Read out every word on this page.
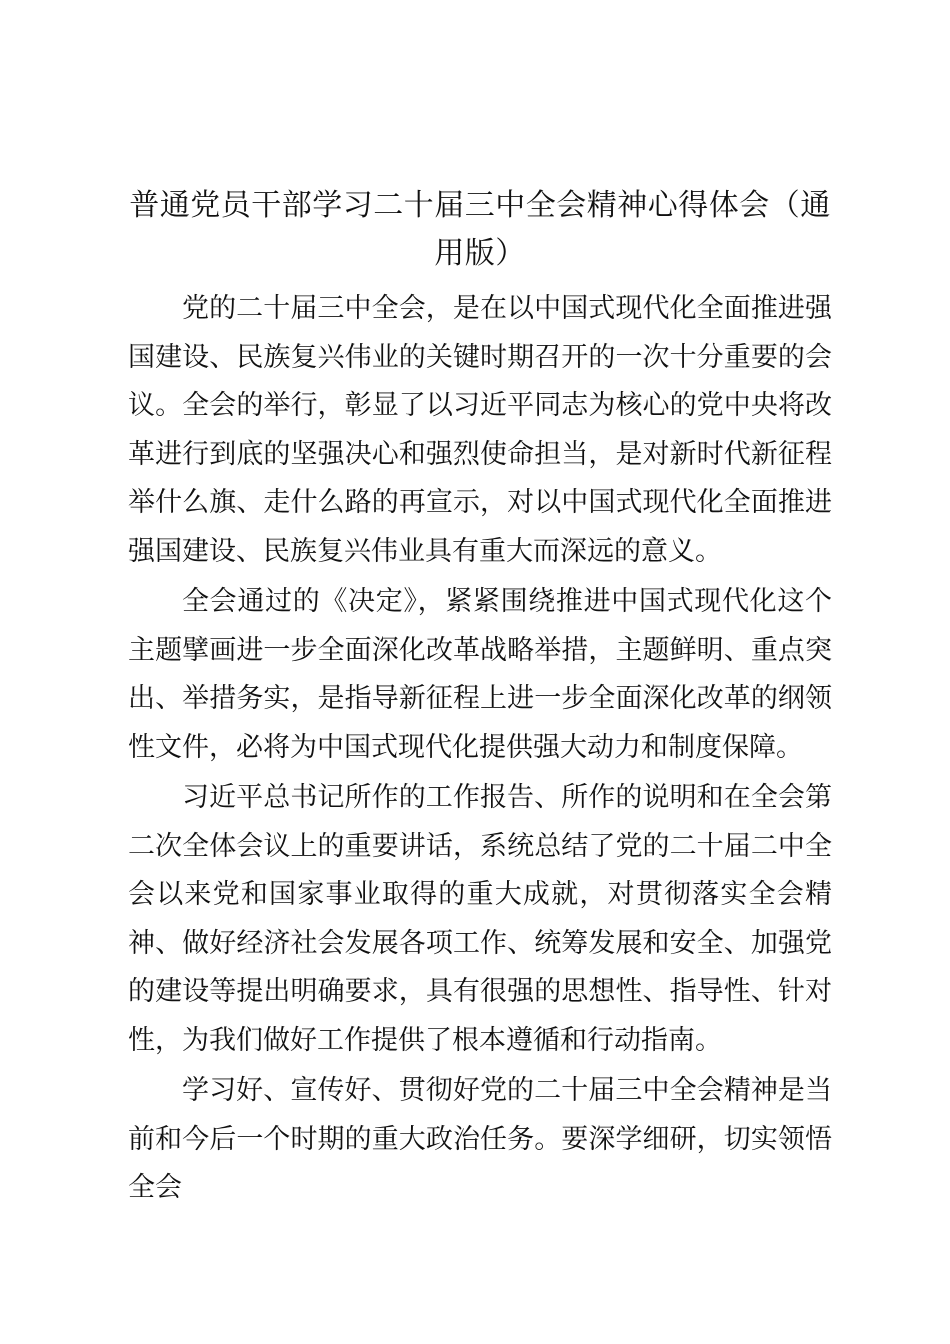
普通党员干部学习二十届三中全会精神心得体会（通用版）

党的二十届三中全会，是在以中国式现代化全面推进强国建设、民族复兴伟业的关键时期召开的一次十分重要的会议。全会的举行，彰显了以习近平同志为核心的党中央将改革进行到底的坚强决心和强烈使命担当，是对新时代新征程举什么旗、走什么路的再宣示，对以中国式现代化全面推进强国建设、民族复兴伟业具有重大而深远的意义。

全会通过的《决定》，紧紧围绕推进中国式现代化这个主题擘画进一步全面深化改革战略举措，主题鲜明、重点突出、举措务实，是指导新征程上进一步全面深化改革的纲领性文件，必将为中国式现代化提供强大动力和制度保障。

习近平总书记所作的工作报告、所作的说明和在全会第二次全体会议上的重要讲话，系统总结了党的二十届二中全会以来党和国家事业取得的重大成就，对贯彻落实全会精神、做好经济社会发展各项工作、统筹发展和安全、加强党的建设等提出明确要求，具有很强的思想性、指导性、针对性，为我们做好工作提供了根本遵循和行动指南。

学习好、宣传好、贯彻好党的二十届三中全会精神是当前和今后一个时期的重大政治任务。要深学细研，切实领悟全会
